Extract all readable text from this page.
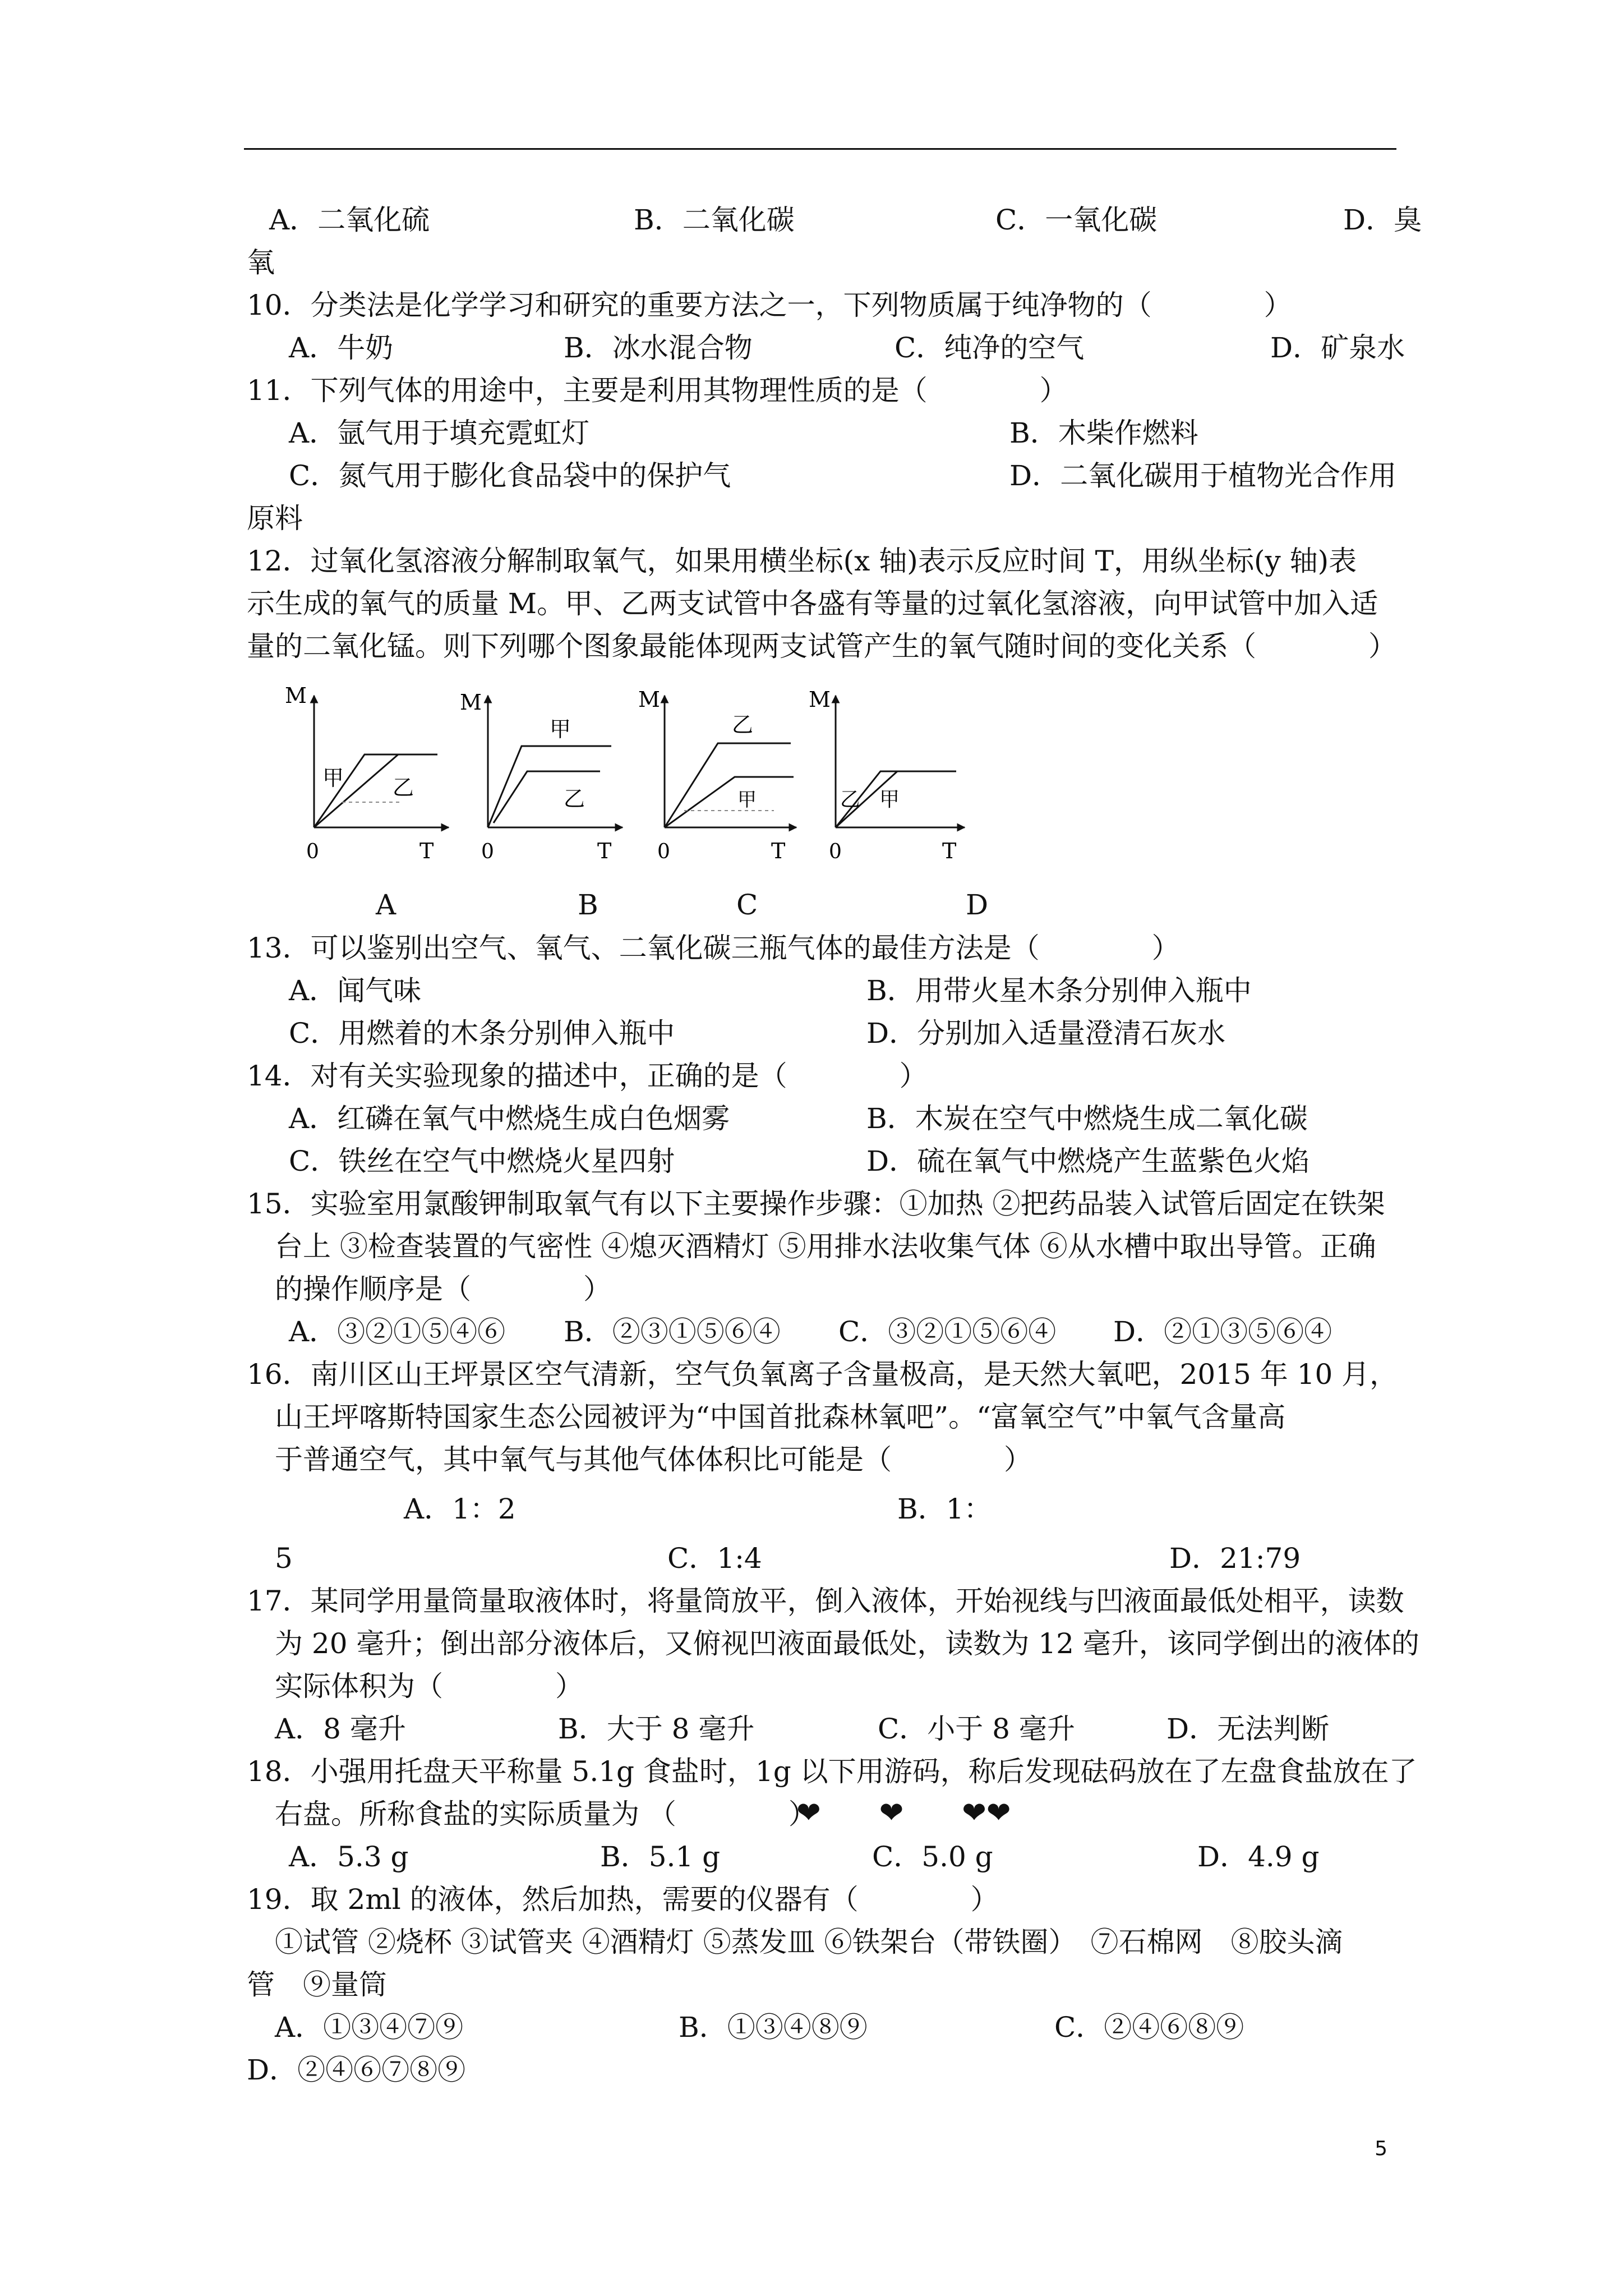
A．二氧化硫	B．二氧化碳	C．一氧化碳	D．臭
氧
10．分类法是化学学习和研究的重要方法之一，下列物质属于纯净物的（　　　　）
A．牛奶	B．冰水混合物	C．纯净的空气	D．矿泉水
11．下列气体的用途中，主要是利用其物理性质的是（　　　　）
A．氩气用于填充霓虹灯	B．木柴作燃料
C．氮气用于膨化食品袋中的保护气	D．二氧化碳用于植物光合作用
原料
12．过氧化氢溶液分解制取氧气，如果用横坐标(x 轴)表示反应时间 T，用纵坐标(y 轴)表
示生成的氧气的质量 M。甲、乙两支试管中各盛有等量的过氧化氢溶液，向甲试管中加入适
量的二氧化锰。则下列哪个图象最能体现两支试管产生的氧气随时间的变化关系（　　　　）
M
T
0
甲 乙
M
T
0
甲
乙
M
T
0
乙
甲
M
T
0
乙 甲
A	B	C	D
13．可以鉴别出空气、氧气、二氧化碳三瓶气体的最佳方法是（　　　　）
A．闻气味	B．用带火星木条分别伸入瓶中
C．用燃着的木条分别伸入瓶中	D．分别加入适量澄清石灰水
14．对有关实验现象的描述中，正确的是（　　　　）
A．红磷在氧气中燃烧生成白色烟雾	B．木炭在空气中燃烧生成二氧化碳
C．铁丝在空气中燃烧火星四射	D．硫在氧气中燃烧产生蓝紫色火焰
15．实验室用氯酸钾制取氧气有以下主要操作步骤：①加热 ②把药品装入试管后固定在铁架
台上 ③检查装置的气密性 ④熄灭酒精灯 ⑤用排水法收集气体 ⑥从水槽中取出导管。正确
的操作顺序是（　　　　）
A．③②①⑤④⑥ B．②③①⑤⑥④ C．③②①⑤⑥④ D．②①③⑤⑥④
16．南川区山王坪景区空气清新，空气负氧离子含量极高，是天然大氧吧，2015 年 10 月，
山王坪喀斯特国家生态公园被评为“中国首批森林氧吧”。“富氧空气”中氧气含量高
于普通空气，其中氧气与其他气体体积比可能是（　　　　）
A．1：2	B．1：
5	C．1:4	D．21:79
17．某同学用量筒量取液体时，将量筒放平，倒入液体，开始视线与凹液面最低处相平，读数
为 20 毫升；倒出部分液体后，又俯视凹液面最低处，读数为 12 毫升，该同学倒出的液体的
实际体积为（　　　　）
A．8 毫升	B．大于 8 毫升	C．小于 8 毫升	D．无法判断
18．小强用托盘天平称量 5.1g 食盐时，1g 以下用游码，称后发现砝码放在了左盘食盐放在了
右盘。所称食盐的实际质量为 （　　　　）
❤　　❤　　❤❤
A．5.3 g	B．5.1 g	C．5.0 g	D．4.9 g
19．取 2ml 的液体，然后加热，需要的仪器有（　　　　）
①试管 ②烧杯 ③试管夹 ④酒精灯 ⑤蒸发皿 ⑥铁架台（带铁圈）　⑦石棉网　⑧胶头滴
管　⑨量筒
A．①③④⑦⑨	B．①③④⑧⑨	C．②④⑥⑧⑨
D．②④⑥⑦⑧⑨
5
